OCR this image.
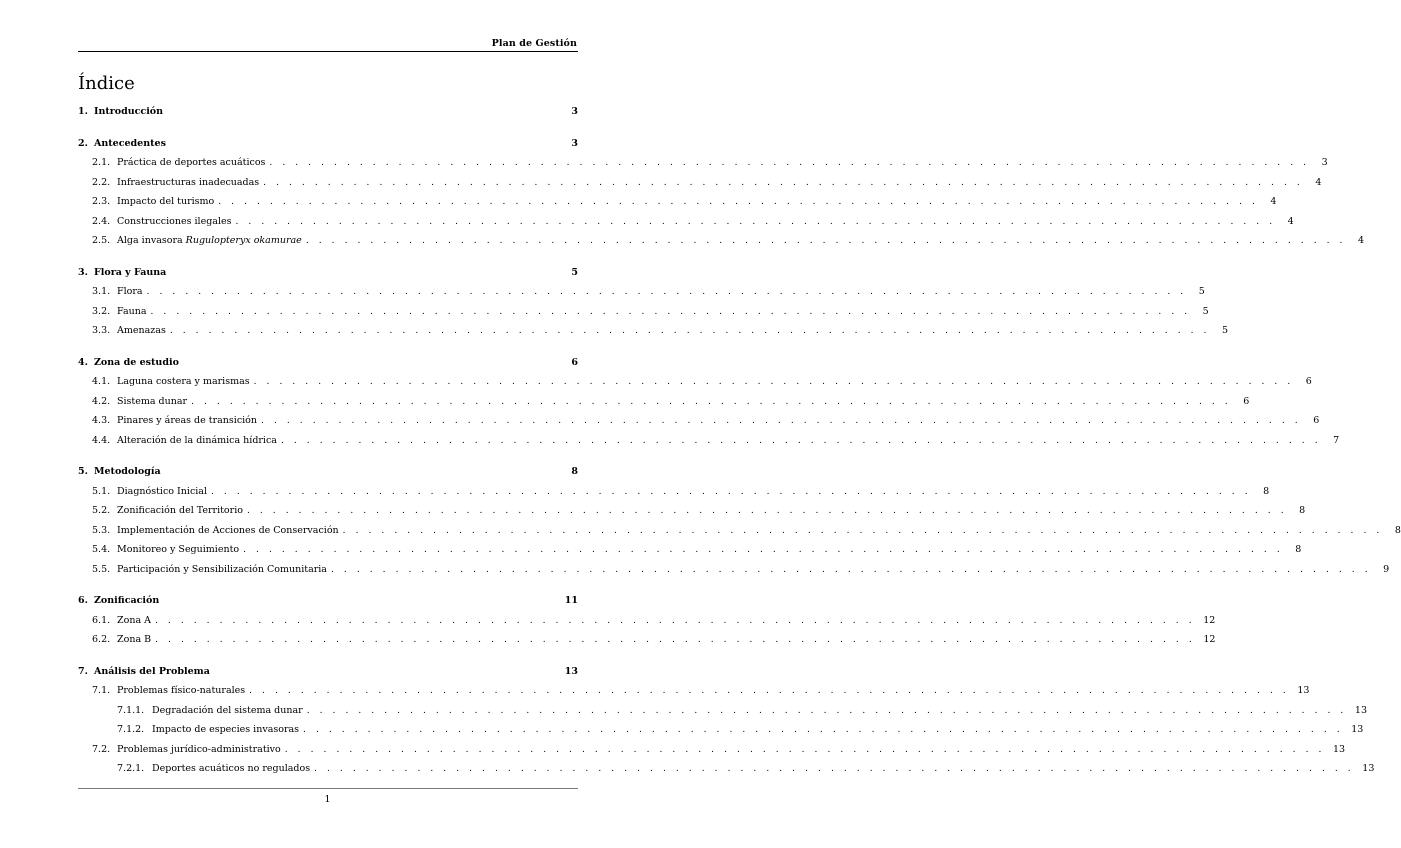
Plan de Gestión
Índice
1. Introducción	3
2. Antecedentes	3
2.1. Práctica de deportes acuáticos . . . . . . . . . . . . . . . . . . . . . . . . . . . . . . . . . . . . . . . . . . . . . . . . . . . . . . . . . . . . . . . . . . . . . . . . . . . . . . . . .	3
2.2. Infraestructuras inadecuadas . . . . . . . . . . . . . . . . . . . . . . . . . . . . . . . . . . . . . . . . . . . . . . . . . . . . . . . . . . . . . . . . . . . . . . . . . . . . . . . . .	4
2.3. Impacto del turismo . . . . . . . . . . . . . . . . . . . . . . . . . . . . . . . . . . . . . . . . . . . . . . . . . . . . . . . . . . . . . . . . . . . . . . . . . . . . . . . . .	4
2.4. Construcciones ilegales . . . . . . . . . . . . . . . . . . . . . . . . . . . . . . . . . . . . . . . . . . . . . . . . . . . . . . . . . . . . . . . . . . . . . . . . . . . . . . . . .	4
2.5. Alga invasora Rugulopteryx okamurae . . . . . . . . . . . . . . . . . . . . . . . . . . . . . . . . . . . . . . . . . . . . . . . . . . . . . . . . . . . . . . . . . . . . . . . . . . . . . . . . .	4
3. Flora y Fauna	5
3.1. Flora . . . . . . . . . . . . . . . . . . . . . . . . . . . . . . . . . . . . . . . . . . . . . . . . . . . . . . . . . . . . . . . . . . . . . . . . . . . . . . . . .	5
3.2. Fauna . . . . . . . . . . . . . . . . . . . . . . . . . . . . . . . . . . . . . . . . . . . . . . . . . . . . . . . . . . . . . . . . . . . . . . . . . . . . . . . . .	5
3.3. Amenazas . . . . . . . . . . . . . . . . . . . . . . . . . . . . . . . . . . . . . . . . . . . . . . . . . . . . . . . . . . . . . . . . . . . . . . . . . . . . . . . . .	5
4. Zona de estudio	6
4.1. Laguna costera y marismas . . . . . . . . . . . . . . . . . . . . . . . . . . . . . . . . . . . . . . . . . . . . . . . . . . . . . . . . . . . . . . . . . . . . . . . . . . . . . . . . .	6
4.2. Sistema dunar . . . . . . . . . . . . . . . . . . . . . . . . . . . . . . . . . . . . . . . . . . . . . . . . . . . . . . . . . . . . . . . . . . . . . . . . . . . . . . . . .	6
4.3. Pinares y áreas de transición . . . . . . . . . . . . . . . . . . . . . . . . . . . . . . . . . . . . . . . . . . . . . . . . . . . . . . . . . . . . . . . . . . . . . . . . . . . . . . . . .	6
4.4. Alteración de la dinámica hídrica . . . . . . . . . . . . . . . . . . . . . . . . . . . . . . . . . . . . . . . . . . . . . . . . . . . . . . . . . . . . . . . . . . . . . . . . . . . . . . . . .	7
5. Metodología	8
5.1. Diagnóstico Inicial . . . . . . . . . . . . . . . . . . . . . . . . . . . . . . . . . . . . . . . . . . . . . . . . . . . . . . . . . . . . . . . . . . . . . . . . . . . . . . . . .	8
5.2. Zonificación del Territorio . . . . . . . . . . . . . . . . . . . . . . . . . . . . . . . . . . . . . . . . . . . . . . . . . . . . . . . . . . . . . . . . . . . . . . . . . . . . . . . . .	8
5.3. Implementación de Acciones de Conservación . . . . . . . . . . . . . . . . . . . . . . . . . . . . . . . . . . . . . . . . . . . . . . . . . . . . . . . . . . . . . . . . . . . . . . . . . . . . . . . . .	8
5.4. Monitoreo y Seguimiento . . . . . . . . . . . . . . . . . . . . . . . . . . . . . . . . . . . . . . . . . . . . . . . . . . . . . . . . . . . . . . . . . . . . . . . . . . . . . . . . .	8
5.5. Participación y Sensibilización Comunitaria . . . . . . . . . . . . . . . . . . . . . . . . . . . . . . . . . . . . . . . . . . . . . . . . . . . . . . . . . . . . . . . . . . . . . . . . . . . . . . . . .	9
6. Zonificación	11
6.1. Zona A . . . . . . . . . . . . . . . . . . . . . . . . . . . . . . . . . . . . . . . . . . . . . . . . . . . . . . . . . . . . . . . . . . . . . . . . . . . . . . . . . 12
6.2. Zona B . . . . . . . . . . . . . . . . . . . . . . . . . . . . . . . . . . . . . . . . . . . . . . . . . . . . . . . . . . . . . . . . . . . . . . . . . . . . . . . . . 12
7. Análisis del Problema	13
7.1. Problemas físico-naturales . . . . . . . . . . . . . . . . . . . . . . . . . . . . . . . . . . . . . . . . . . . . . . . . . . . . . . . . . . . . . . . . . . . . . . . . . . . . . . . . . 13
7.1.1. Degradación del sistema dunar . . . . . . . . . . . . . . . . . . . . . . . . . . . . . . . . . . . . . . . . . . . . . . . . . . . . . . . . . . . . . . . . . . . . . . . . . . . . . . . . . 13
7.1.2. Impacto de especies invasoras . . . . . . . . . . . . . . . . . . . . . . . . . . . . . . . . . . . . . . . . . . . . . . . . . . . . . . . . . . . . . . . . . . . . . . . . . . . . . . . . . 13
7.2. Problemas jurídico-administrativo . . . . . . . . . . . . . . . . . . . . . . . . . . . . . . . . . . . . . . . . . . . . . . . . . . . . . . . . . . . . . . . . . . . . . . . . . . . . . . . . . 13
7.2.1. Deportes acuáticos no regulados . . . . . . . . . . . . . . . . . . . . . . . . . . . . . . . . . . . . . . . . . . . . . . . . . . . . . . . . . . . . . . . . . . . . . . . . . . . . . . . . . 13
1
